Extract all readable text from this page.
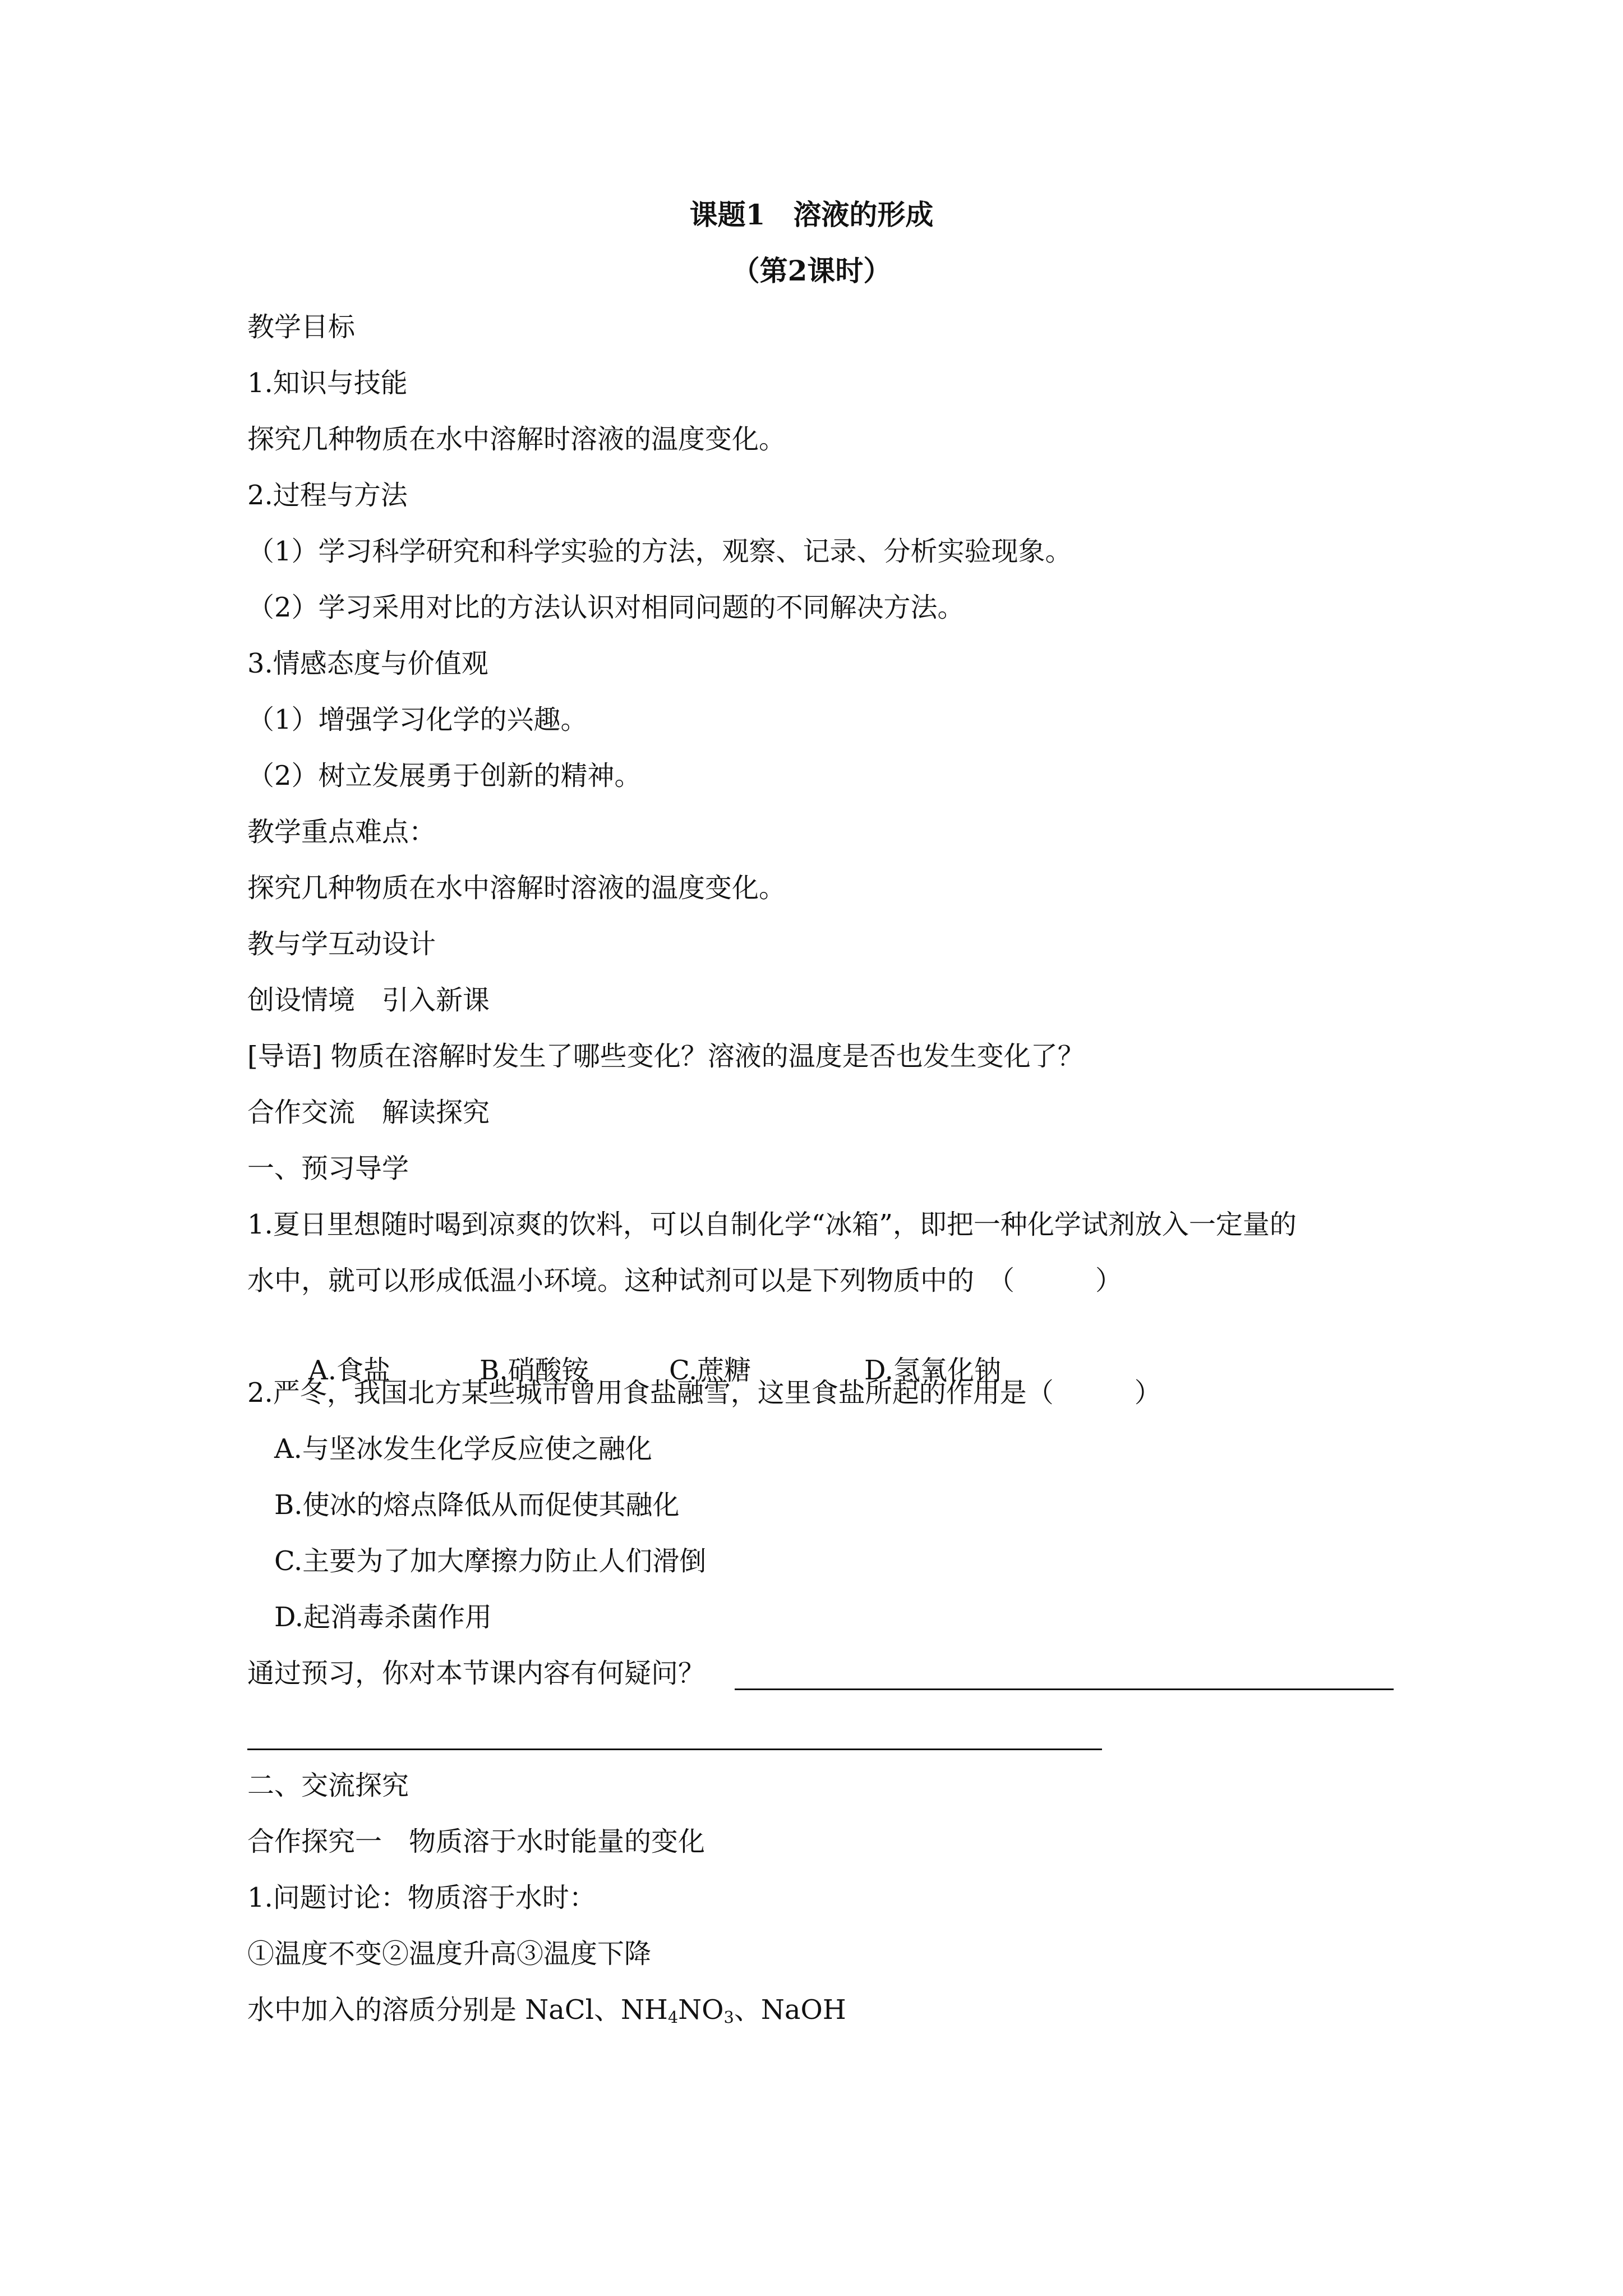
课题1　溶液的形成
（第2课时）
教学目标
1.知识与技能
探究几种物质在水中溶解时溶液的温度变化。
2.过程与方法
（1）学习科学研究和科学实验的方法，观察、记录、分析实验现象。
（2）学习采用对比的方法认识对相同问题的不同解决方法。
3.情感态度与价值观
（1）增强学习化学的兴趣。
（2）树立发展勇于创新的精神。
教学重点难点：
探究几种物质在水中溶解时溶液的温度变化。
教与学互动设计
创设情境　引入新课
[导语] 物质在溶解时发生了哪些变化？溶液的温度是否也发生变化了？
合作交流　解读探究
一、预习导学
1.夏日里想随时喝到凉爽的饮料，可以自制化学“冰箱”，即把一种化学试剂放入一定量的
水中，就可以形成低温小环境。这种试剂可以是下列物质中的　（　　　）

A.食盐	B.硝酸铵	C.蔗糖	D.氢氧化钠

2.严冬，我国北方某些城市曾用食盐融雪，这里食盐所起的作用是（　　　）
A.与坚冰发生化学反应使之融化
B.使冰的熔点降低从而促使其融化
C.主要为了加大摩擦力防止人们滑倒
D.起消毒杀菌作用
通过预习，你对本节课内容有何疑问？
二、交流探究
合作探究一　物质溶于水时能量的变化
1.问题讨论：物质溶于水时：
①温度不变②温度升高③温度下降
水中加入的溶质分别是 NaCl、$NH_4NO_3$、NaOH
